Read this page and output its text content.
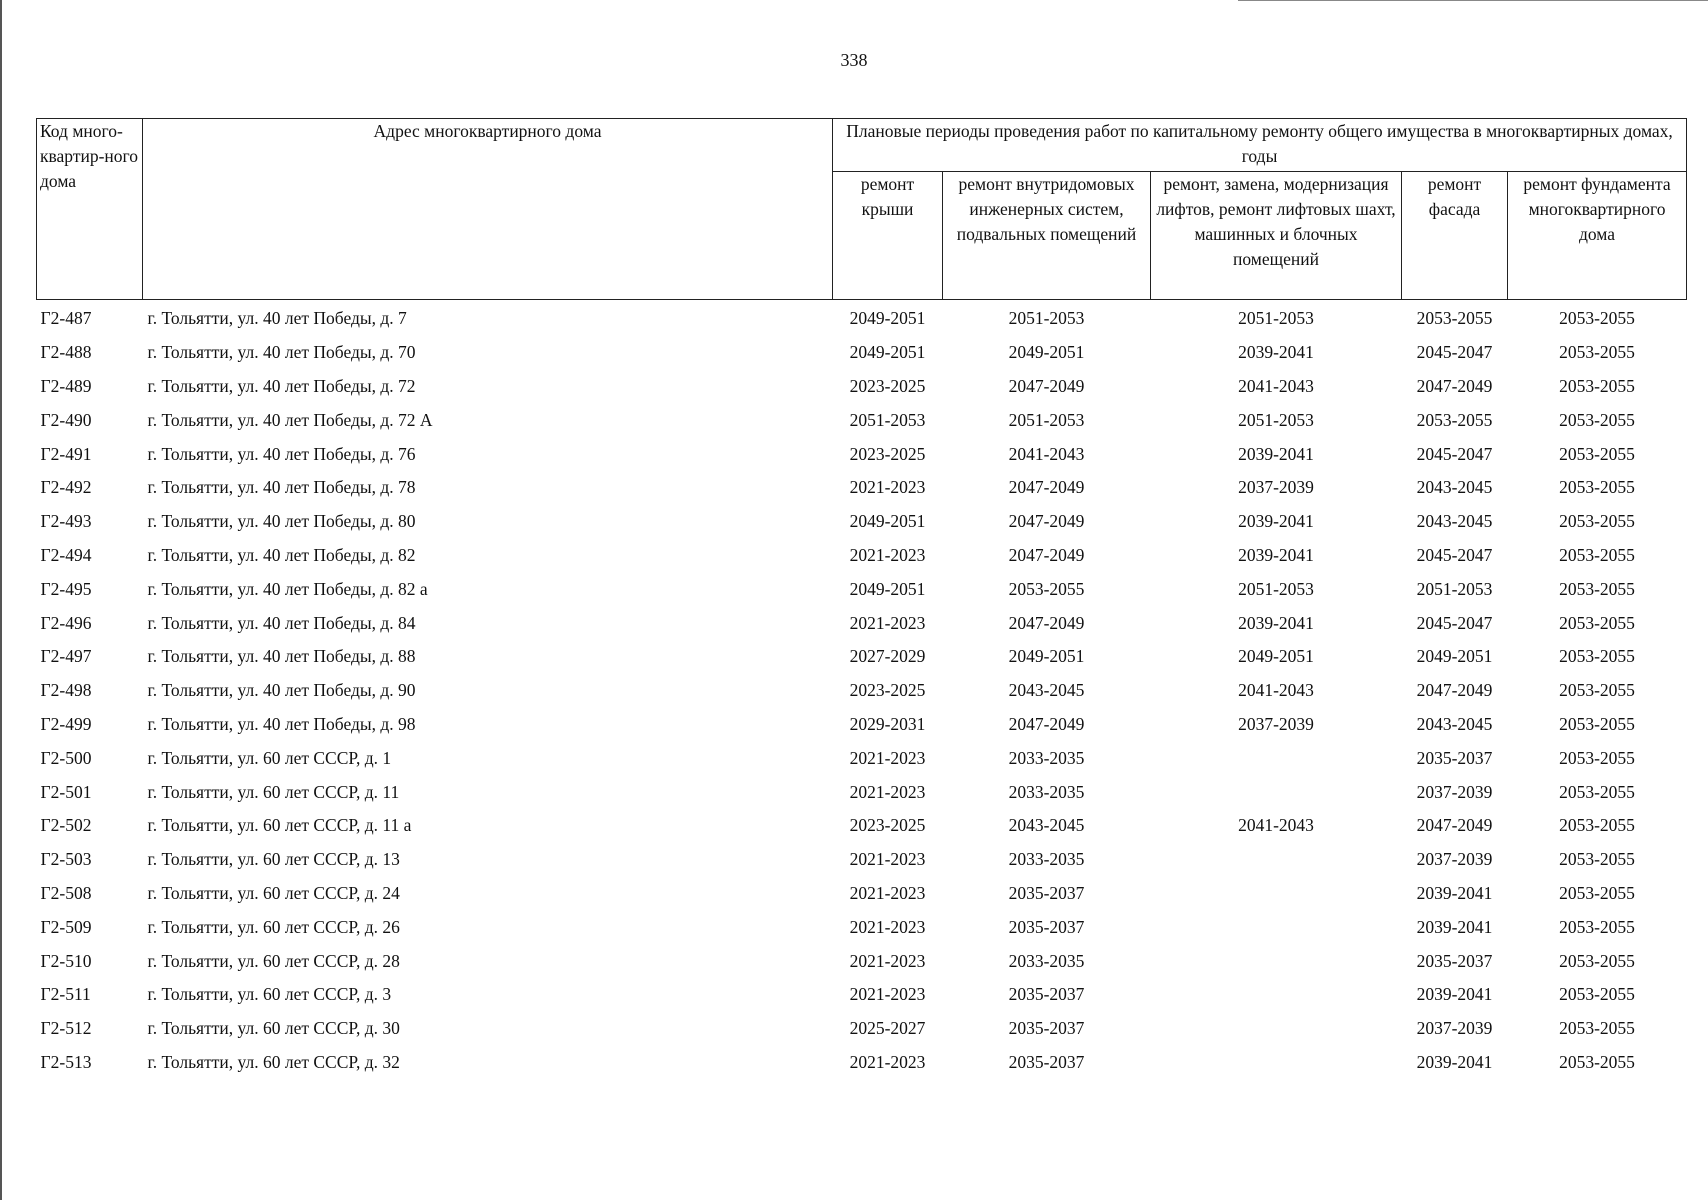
338
Код много-квартир-ного дома	Адрес многоквартирного дома	Плановые периоды проведения работ по капитальному ремонту общего имущества в многоквартирных домах, годы				
		ремонт крыши	ремонт внутридомовых инженерных систем, подвальных помещений	ремонт, замена, модернизация лифтов, ремонт лифтовых шахт, машинных и блочных помещений	ремонт фасада	ремонт фундамента многоквартирного дома
Г2-487	г. Тольятти, ул. 40 лет Победы, д. 7	2049-2051	2051-2053	2051-2053	2053-2055	2053-2055
Г2-488	г. Тольятти, ул. 40 лет Победы, д. 70	2049-2051	2049-2051	2039-2041	2045-2047	2053-2055
Г2-489	г. Тольятти, ул. 40 лет Победы, д. 72	2023-2025	2047-2049	2041-2043	2047-2049	2053-2055
Г2-490	г. Тольятти, ул. 40 лет Победы, д. 72 А	2051-2053	2051-2053	2051-2053	2053-2055	2053-2055
Г2-491	г. Тольятти, ул. 40 лет Победы, д. 76	2023-2025	2041-2043	2039-2041	2045-2047	2053-2055
Г2-492	г. Тольятти, ул. 40 лет Победы, д. 78	2021-2023	2047-2049	2037-2039	2043-2045	2053-2055
Г2-493	г. Тольятти, ул. 40 лет Победы, д. 80	2049-2051	2047-2049	2039-2041	2043-2045	2053-2055
Г2-494	г. Тольятти, ул. 40 лет Победы, д. 82	2021-2023	2047-2049	2039-2041	2045-2047	2053-2055
Г2-495	г. Тольятти, ул. 40 лет Победы, д. 82 а	2049-2051	2053-2055	2051-2053	2051-2053	2053-2055
Г2-496	г. Тольятти, ул. 40 лет Победы, д. 84	2021-2023	2047-2049	2039-2041	2045-2047	2053-2055
Г2-497	г. Тольятти, ул. 40 лет Победы, д. 88	2027-2029	2049-2051	2049-2051	2049-2051	2053-2055
Г2-498	г. Тольятти, ул. 40 лет Победы, д. 90	2023-2025	2043-2045	2041-2043	2047-2049	2053-2055
Г2-499	г. Тольятти, ул. 40 лет Победы, д. 98	2029-2031	2047-2049	2037-2039	2043-2045	2053-2055
Г2-500	г. Тольятти, ул. 60 лет СССР, д. 1	2021-2023	2033-2035		2035-2037	2053-2055
Г2-501	г. Тольятти, ул. 60 лет СССР, д. 11	2021-2023	2033-2035		2037-2039	2053-2055
Г2-502	г. Тольятти, ул. 60 лет СССР, д. 11 а	2023-2025	2043-2045	2041-2043	2047-2049	2053-2055
Г2-503	г. Тольятти, ул. 60 лет СССР, д. 13	2021-2023	2033-2035		2037-2039	2053-2055
Г2-508	г. Тольятти, ул. 60 лет СССР, д. 24	2021-2023	2035-2037		2039-2041	2053-2055
Г2-509	г. Тольятти, ул. 60 лет СССР, д. 26	2021-2023	2035-2037		2039-2041	2053-2055
Г2-510	г. Тольятти, ул. 60 лет СССР, д. 28	2021-2023	2033-2035		2035-2037	2053-2055
Г2-511	г. Тольятти, ул. 60 лет СССР, д. 3	2021-2023	2035-2037		2039-2041	2053-2055
Г2-512	г. Тольятти, ул. 60 лет СССР, д. 30	2025-2027	2035-2037		2037-2039	2053-2055
Г2-513	г. Тольятти, ул. 60 лет СССР, д. 32	2021-2023	2035-2037		2039-2041	2053-2055
